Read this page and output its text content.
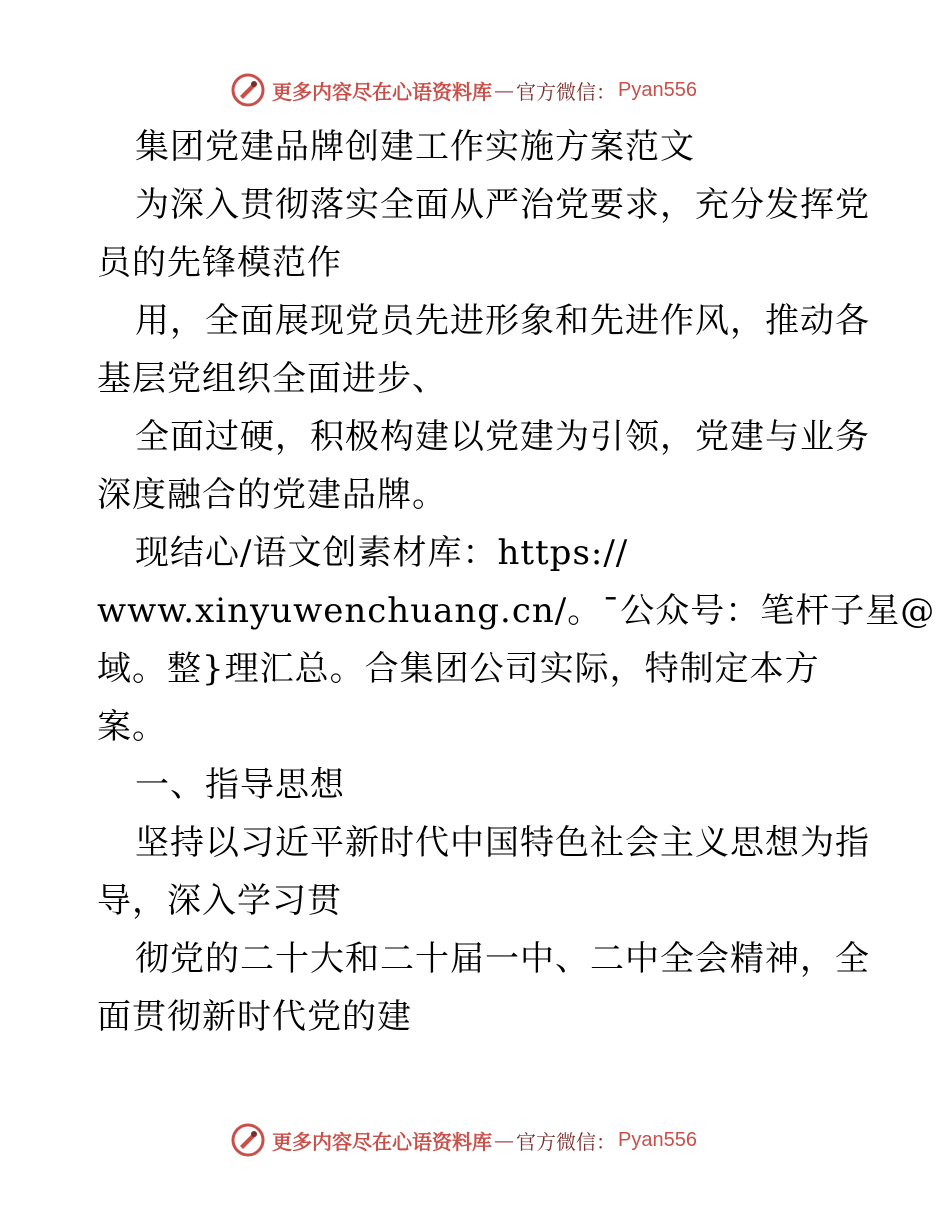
更多内容尽在心语资料库 — 官方微信： Pyan556
集团党建品牌创建工作实施方案范文
为深入贯彻落实全面从严治党要求，充分发挥党
员的先锋模范作
用，全面展现党员先进形象和先进作风，推动各
基层党组织全面进步、
全面过硬，积极构建以党建为引领，党建与业务
深度融合的党建品牌。
现结心/语文创素材库：https://
www.xinyuwenchuang.cn/。¯公众号：笔杆子星@
域。整}理汇总。合集团公司实际，特制定本方
案。
一、指导思想
坚持以习近平新时代中国特色社会主义思想为指
导，深入学习贯
彻党的二十大和二十届一中、二中全会精神，全
面贯彻新时代党的建
更多内容尽在心语资料库 — 官方微信： Pyan556
